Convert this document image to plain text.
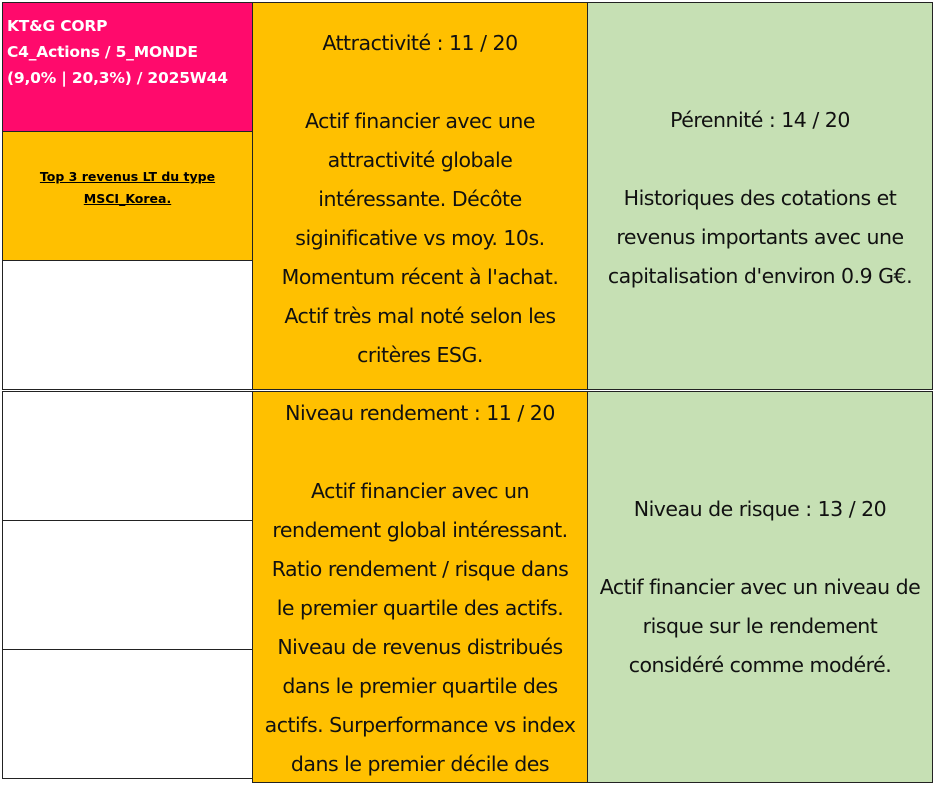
KT&G CORP
C4_Actions / 5_MONDE
(9,0% | 20,3%) / 2025W44
Top 3 revenus LT du type
MSCI_Korea.
Attractivité : 11 / 20
Actif financier avec une
attractivité globale
intéressante. Décôte
siginificative vs moy. 10s.
Momentum récent à l'achat.
Actif très mal noté selon les
critères ESG.
Niveau rendement : 11 / 20
Actif financier avec un
rendement global intéressant.
Ratio rendement / risque dans
le premier quartile des actifs.
Niveau de revenus distribués
dans le premier quartile des
actifs. Surperformance vs index
dans le premier décile des
Pérennité : 14 / 20
Historiques des cotations et
revenus importants avec une
capitalisation d'environ 0.9 G€.
Niveau de risque : 13 / 20
Actif financier avec un niveau de
risque sur le rendement
considéré comme modéré.
